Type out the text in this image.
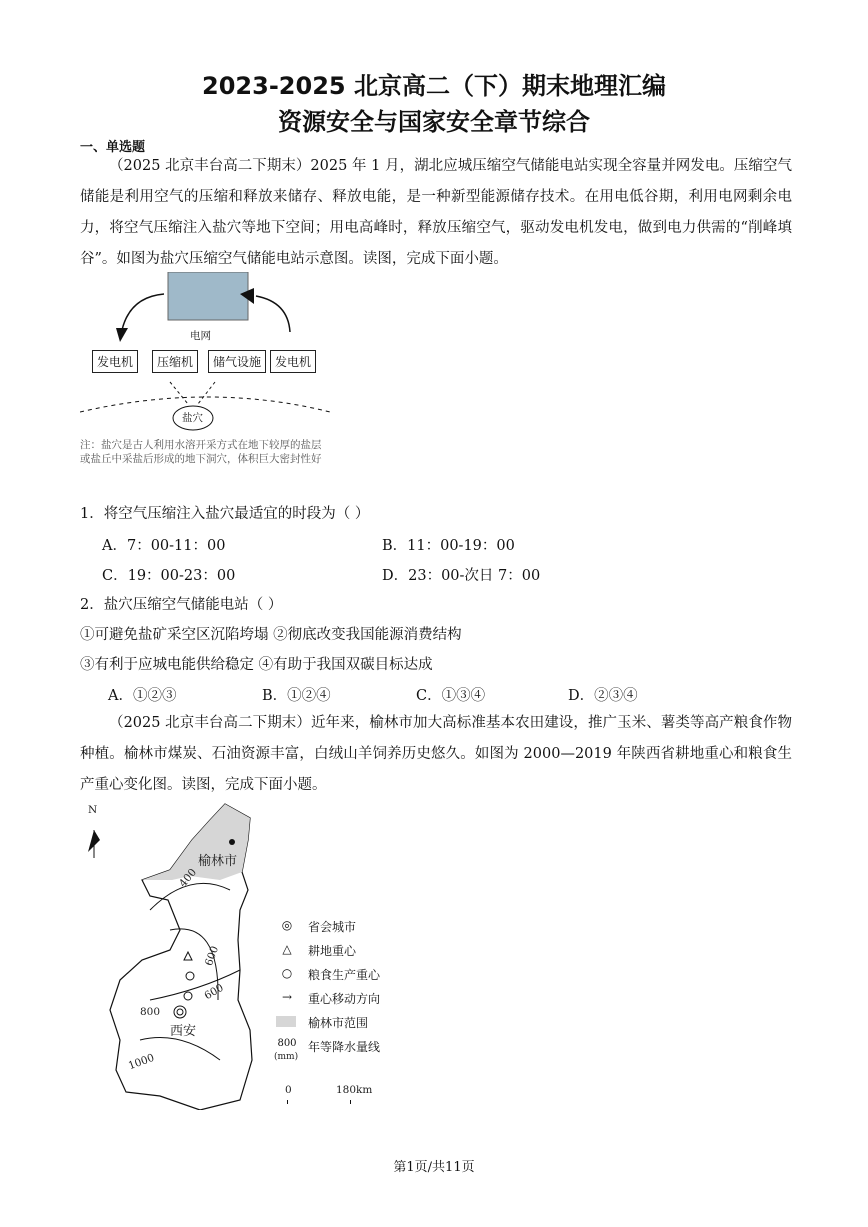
2023-2025 北京高二（下）期末地理汇编
资源安全与国家安全章节综合
一、单选题
（2025 北京丰台高二下期末）2025 年 1 月，湖北应城压缩空气储能电站实现全容量并网发电。压缩空气储能是利用空气的压缩和释放来储存、释放电能，是一种新型能源储存技术。在用电低谷期，利用电网剩余电力，将空气压缩注入盐穴等地下空间；用电高峰时，释放压缩空气，驱动发电机发电，做到电力供需的“削峰填谷”。如图为盐穴压缩空气储能电站示意图。读图，完成下面小题。
电网
发电机	压缩机	储气设施	发电机
盐穴
注：盐穴是古人利用水溶开采方式在地下较厚的盐层或盐丘中采盐后形成的地下洞穴，体积巨大密封性好
1．将空气压缩注入盐穴最适宜的时段为（ ）
A．7：00-11：00	B．11：00-19：00
C．19：00-23：00	D．23：00-次日 7：00
2．盐穴压缩空气储能电站（ ）
①可避免盐矿采空区沉陷垮塌 ②彻底改变我国能源消费结构
③有利于应城电能供给稳定 ④有助于我国双碳目标达成
A．①②③	B．①②④	C．①③④	D．②③④
（2025 北京丰台高二下期末）近年来，榆林市加大高标准基本农田建设，推广玉米、薯类等高产粮食作物种植。榆林市煤炭、石油资源丰富，白绒山羊饲养历史悠久。如图为 2000—2019 年陕西省耕地重心和粮食生产重心变化图。读图，完成下面小题。
N
榆林市
西安
400
600
600
800
1000
◎	省会城市
△	耕地重心
○	粮食生产重心
→	重心移动方向
榆林市范围
800 年等降水量线
(mm)
0	180km
第1页/共11页
